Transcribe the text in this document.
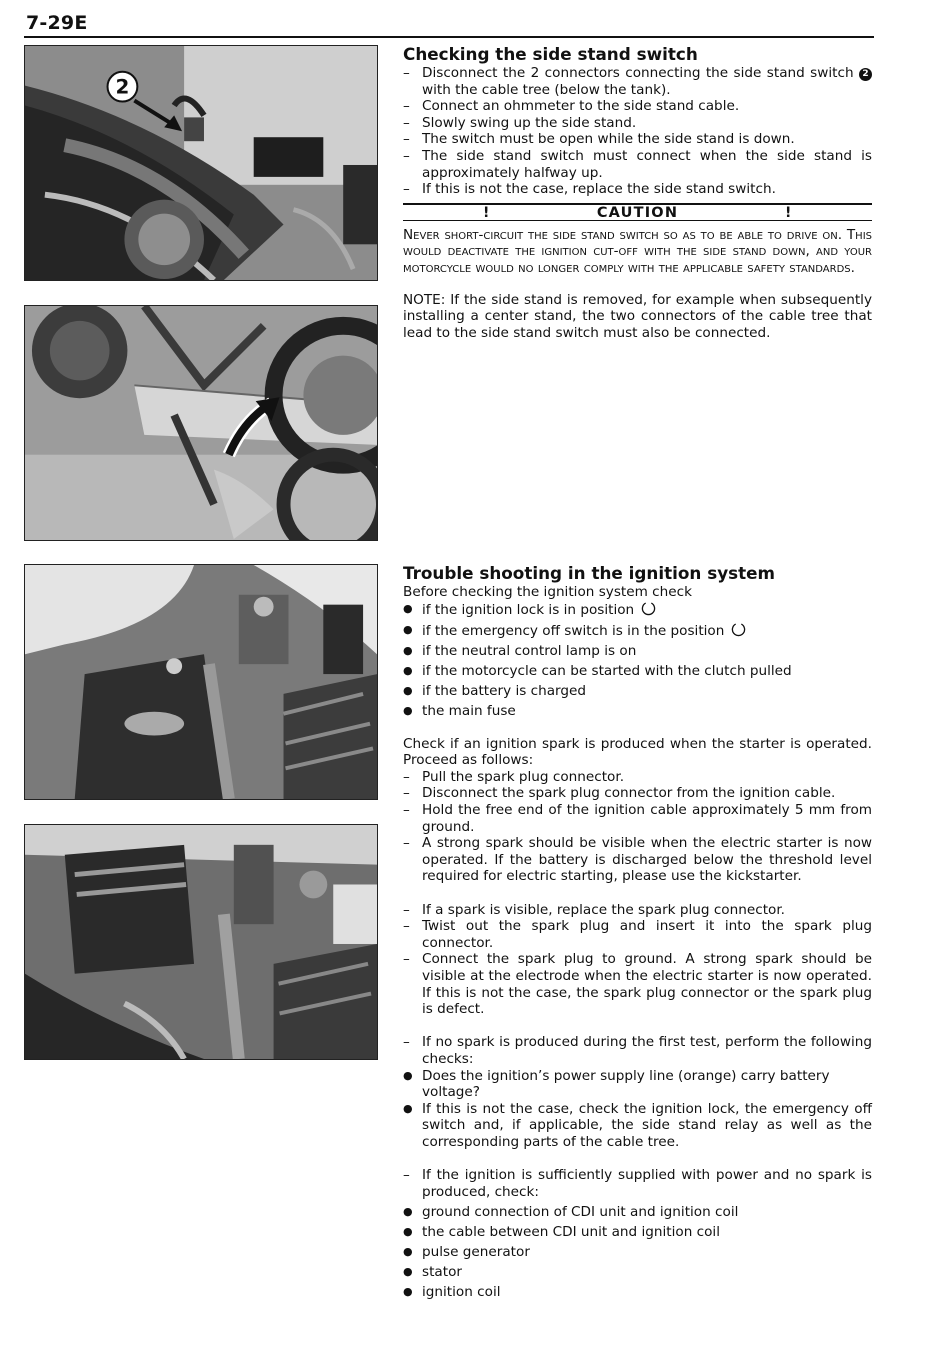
7-29E
2
Checking the side stand switch
– Disconnect the 2 connectors connecting the side stand switch 2 with the cable tree (below the tank).
– Connect an ohmmeter to the side stand cable.
– Slowly swing up the side stand.
– The switch must be open while the side stand is down.
– The side stand switch must connect when the side stand is approximately halfway up.
– If this is not the case, replace the side stand switch.
!	CAUTION	!
Never short-circuit the side stand switch so as to be able to drive on. This would deactivate the ignition cut-off with the side stand down, and your motorcycle would no longer comply with the applicable safety standards.
NOTE: If the side stand is removed, for example when subsequently installing a center stand, the two connectors of the cable tree that lead to the side stand switch must also be connected.
Trouble shooting in the ignition system
Before checking the ignition system check
● if the ignition lock is in position
● if the emergency off switch is in the position
● if the neutral control lamp is on
● if the motorcycle can be started with the clutch pulled
● if the battery is charged
● the main fuse
Check if an ignition spark is produced when the starter is operated. Proceed as follows:
– Pull the spark plug connector.
– Disconnect the spark plug connector from the ignition cable.
– Hold the free end of the ignition cable approximately 5 mm from ground.
– A strong spark should be visible when the electric starter is now operated. If the battery is discharged below the threshold level required for electric starting, please use the kickstarter.
– If a spark is visible, replace the spark plug connector.
– Twist out the spark plug and insert it into the spark plug connector.
– Connect the spark plug to ground. A strong spark should be visible at the electrode when the electric starter is now operated. If this is not the case, the spark plug connector or the spark plug is defect.
– If no spark is produced during the first test, perform the following checks:
● Does the ignition’s power supply line (orange) carry battery voltage?
● If this is not the case, check the ignition lock, the emergency off switch and, if applicable, the side stand relay as well as the corresponding parts of the cable tree.
– If the ignition is sufficiently supplied with power and no spark is produced, check:
● ground connection of CDI unit and ignition coil
● the cable between CDI unit and ignition coil
● pulse generator
● stator
● ignition coil
